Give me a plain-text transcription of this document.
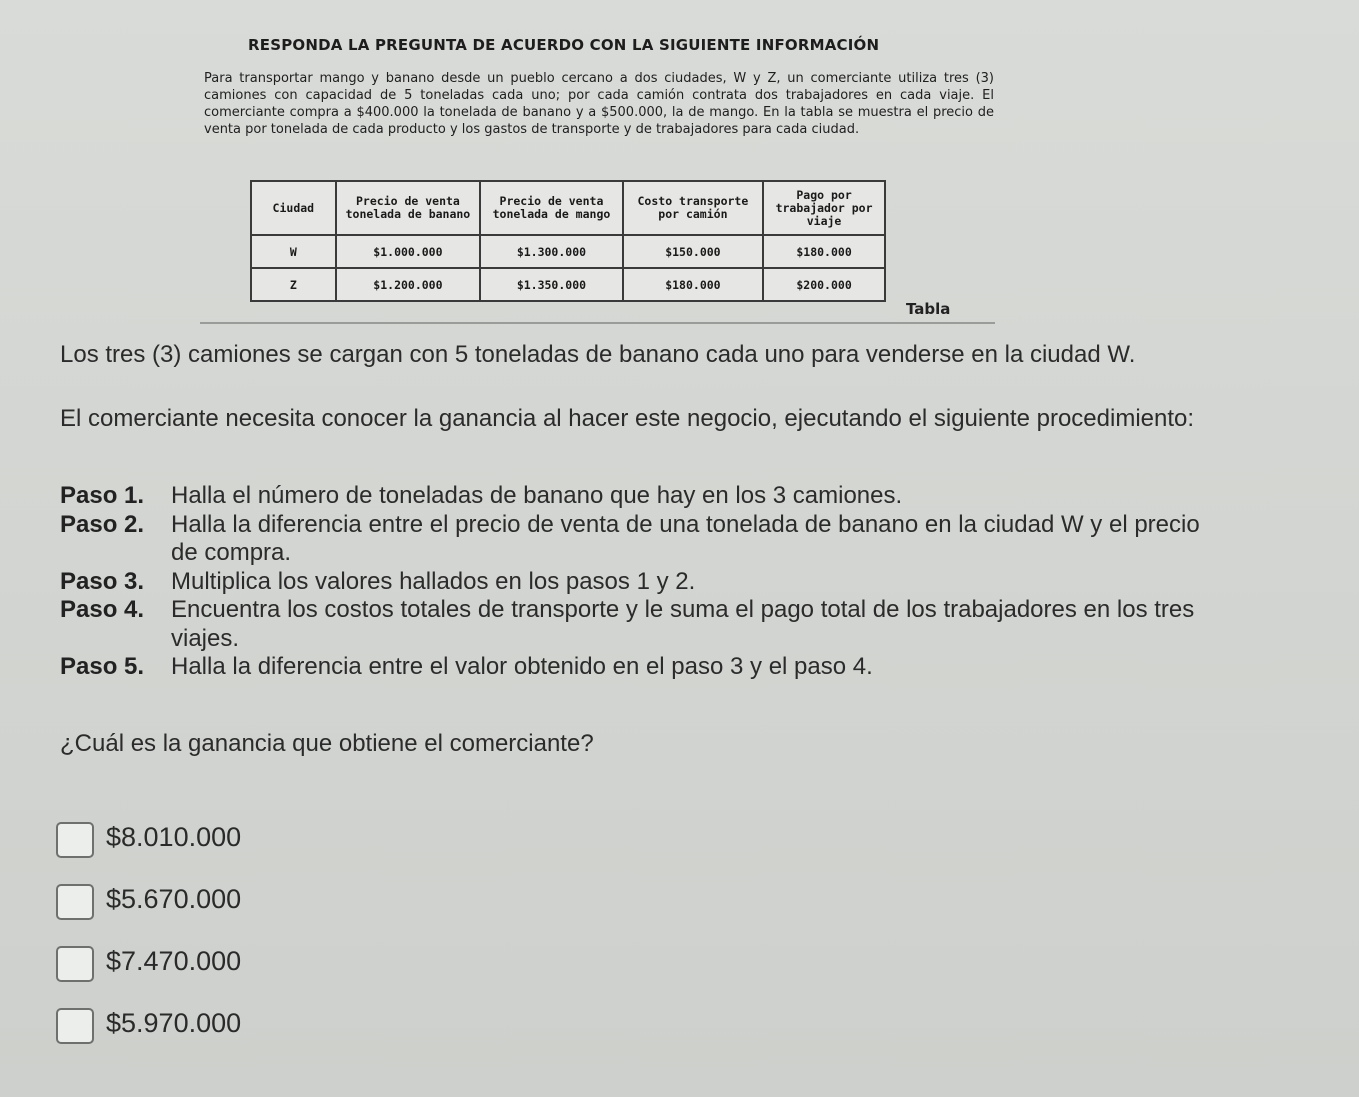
RESPONDA LA PREGUNTA DE ACUERDO CON LA SIGUIENTE INFORMACIÓN

Para transportar mango y banano desde un pueblo cercano a dos ciudades, W y Z, un comerciante utiliza tres (3) camiones con capacidad de 5 toneladas cada uno; por cada camión contrata dos trabajadores en cada viaje. El comerciante compra a $400.000 la tonelada de banano y a $500.000, la de mango. En la tabla se muestra el precio de venta por tonelada de cada producto y los gastos de transporte y de trabajadores para cada ciudad.

Ciudad	Precio de venta tonelada de banano	Precio de venta tonelada de mango	Costo transporte por camión	Pago por trabajador por viaje
W	$1.000.000	$1.300.000	$150.000	$180.000
Z	$1.200.000	$1.350.000	$180.000	$200.000
Tabla
Los tres (3) camiones se cargan con 5 toneladas de banano cada uno para venderse en la ciudad W.

El comerciante necesita conocer la ganancia al hacer este negocio, ejecutando el siguiente procedimiento:

Paso 1. Halla el número de toneladas de banano que hay en los 3 camiones.
Paso 2. Halla la diferencia entre el precio de venta de una tonelada de banano en la ciudad W y el precio de compra.
Paso 3. Multiplica los valores hallados en los pasos 1 y 2.
Paso 4. Encuentra los costos totales de transporte y le suma el pago total de los trabajadores en los tres viajes.
Paso 5. Halla la diferencia entre el valor obtenido en el paso 3 y el paso 4.
¿Cuál es la ganancia que obtiene el comerciante?
$8.010.000
$5.670.000
$7.470.000
$5.970.000
